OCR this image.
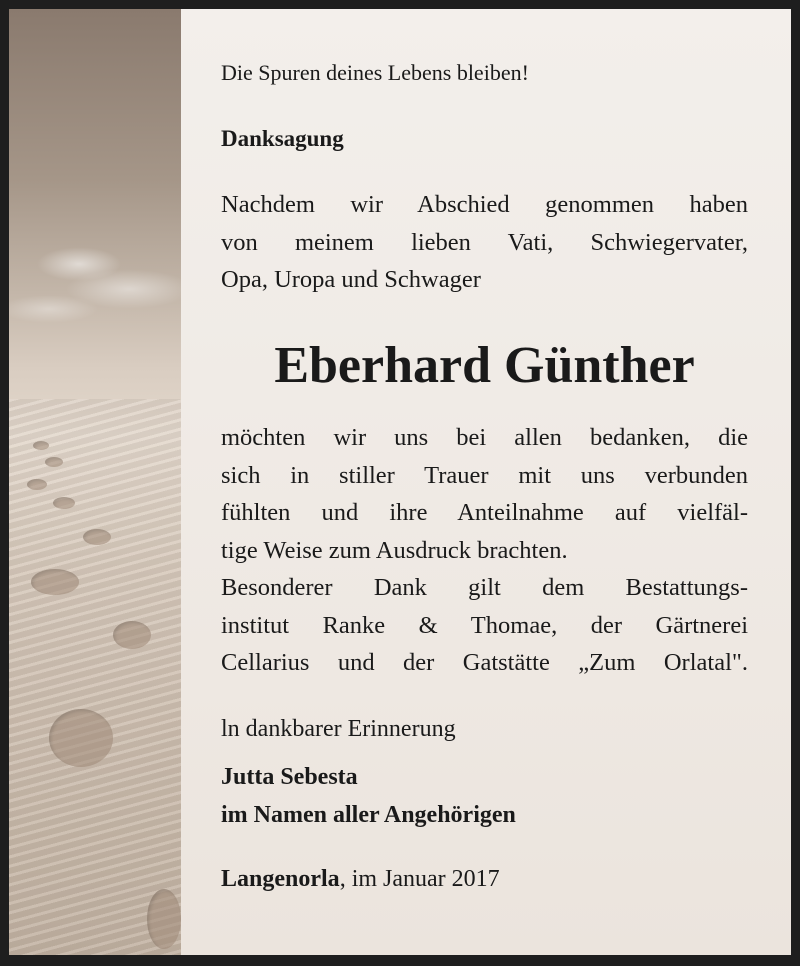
Die Spuren deines Lebens bleiben!

Danksagung

Nachdem wir Abschied genommen haben
von meinem lieben Vati, Schwiegervater,
Opa, Uropa und Schwager

Eberhard Günther

möchten wir uns bei allen bedanken, die
sich in stiller Trauer mit uns verbunden
fühlten und ihre Anteilnahme auf vielfäl-
tige Weise zum Ausdruck brachten.
Besonderer Dank gilt dem Bestattungs-
institut Ranke & Thomae, der Gärtnerei
Cellarius und der Gatstätte „Zum Orlatal".

ln dankbarer Erinnerung

Jutta Sebesta

im Namen aller Angehörigen

Langenorla, im Januar 2017
